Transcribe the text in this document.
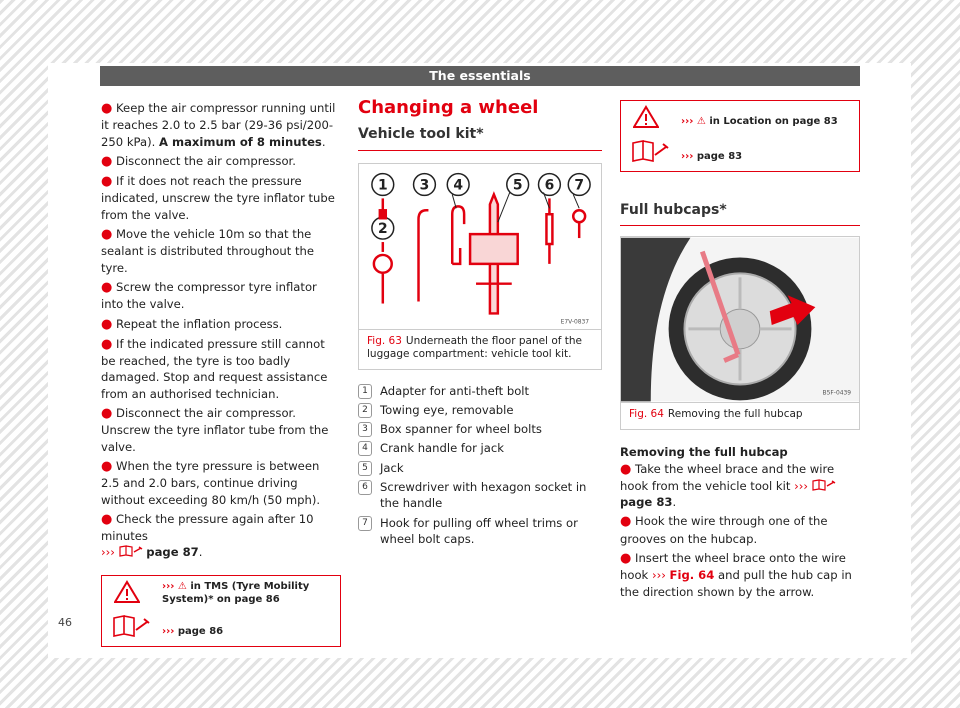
The essentials

● Keep the air compressor running until it reaches 2.0 to 2.5 bar (29-36 psi/200-250 kPa). A maximum of 8 minutes.

● Disconnect the air compressor.

● If it does not reach the pressure indicated, unscrew the tyre inflator tube from the valve.

● Move the vehicle 10m so that the sealant is distributed throughout the tyre.

● Screw the compressor tyre inflator into the valve.

● Repeat the inflation process.

● If the indicated pressure still cannot be reached, the tyre is too badly damaged. Stop and request assistance from an authorised technician.

● Disconnect the air compressor. Unscrew the tyre inflator tube from the valve.

● When the tyre pressure is between 2.5 and 2.0 bars, continue driving without exceeding 80 km/h (50 mph).

● Check the pressure again after 10 minutes
›››	page 87.

››› ⚠ in TMS (Tyre Mobility System)* on page 86
››› page 86
Changing a wheel
Vehicle tool kit*
1 3 4	5 6 7
2
E7V-0837
Fig. 63 Underneath the floor panel of the luggage compartment: vehicle tool kit.
1	Adapter for anti-theft bolt
2	Towing eye, removable
3	Box spanner for wheel bolts
4	Crank handle for jack
5	Jack
6	Screwdriver with hexagon socket in the handle
7	Hook for pulling off wheel trims or wheel bolt caps.
››› ⚠ in Location on page 83
››› page 83
Full hubcaps*
B5F-0439
Fig. 64 Removing the full hubcap
Removing the full hubcap

● Take the wheel brace and the wire hook from the vehicle tool kit ›››  page 83.

● Hook the wire through one of the grooves on the hubcap.

● Insert the wheel brace onto the wire hook ››› Fig. 64 and pull the hub cap in the direction shown by the arrow.

46
